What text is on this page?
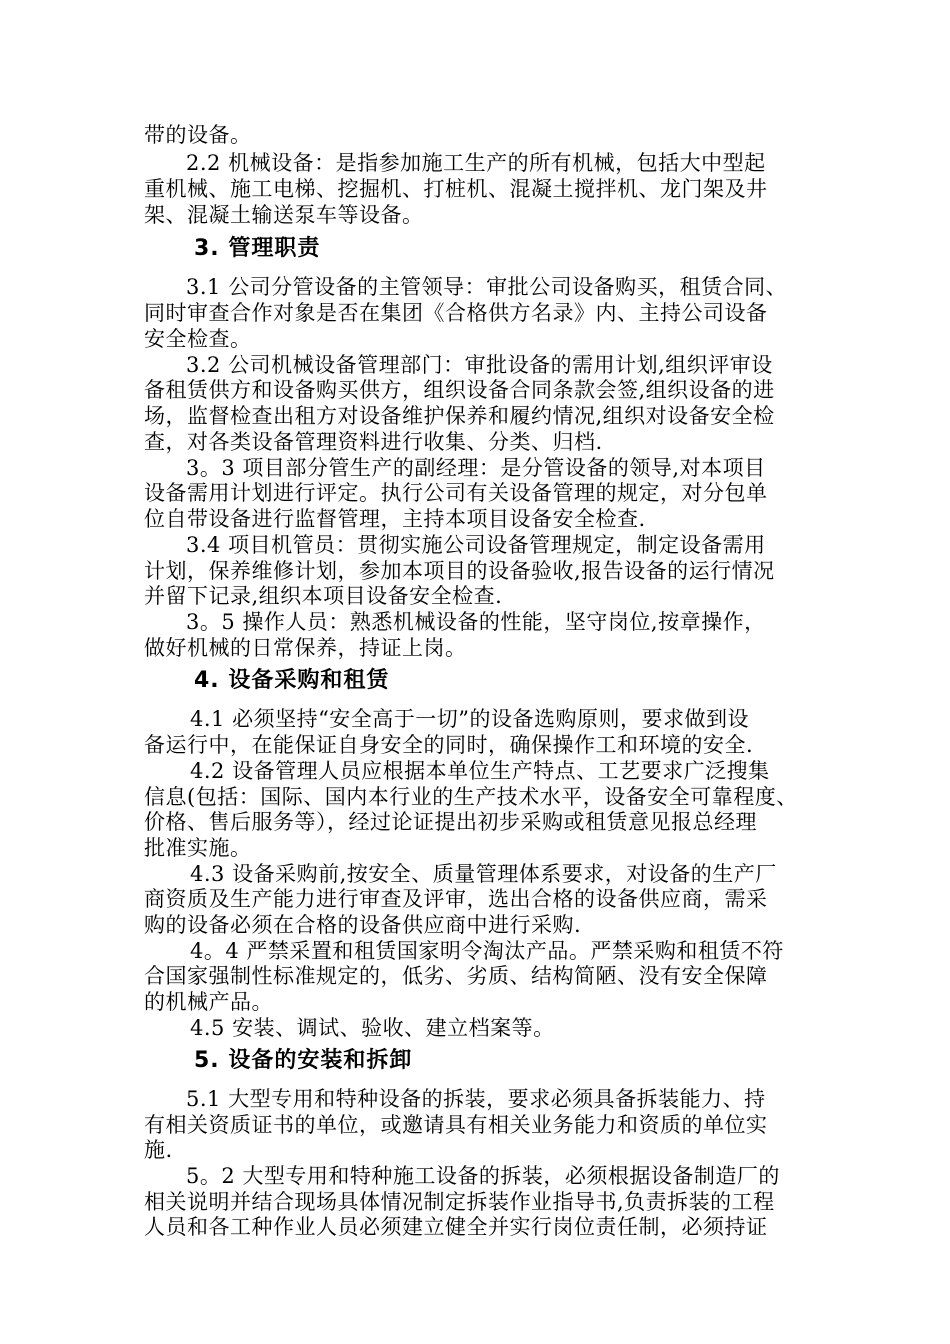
带的设备。
2.2 机械设备：是指参加施工生产的所有机械，包括大中型起
重机械、施工电梯、挖掘机、打桩机、混凝土搅拌机、龙门架及井
架、混凝土输送泵车等设备。
3. 管理职责
3.1 公司分管设备的主管领导：审批公司设备购买，租赁合同、
同时审查合作对象是否在集团《合格供方名录》内、主持公司设备
安全检查。
3.2 公司机械设备管理部门：审批设备的需用计划,组织评审设
备租赁供方和设备购买供方，组织设备合同条款会签,组织设备的进
场，监督检查出租方对设备维护保养和履约情况,组织对设备安全检
查，对各类设备管理资料进行收集、分类、归档.
3。3 项目部分管生产的副经理：是分管设备的领导,对本项目
设备需用计划进行评定。执行公司有关设备管理的规定，对分包单
位自带设备进行监督管理，主持本项目设备安全检查.
3.4 项目机管员：贯彻实施公司设备管理规定，制定设备需用
计划，保养维修计划，参加本项目的设备验收,报告设备的运行情况
并留下记录,组织本项目设备安全检查.
3。5 操作人员：熟悉机械设备的性能，坚守岗位,按章操作，
做好机械的日常保养，持证上岗。
4. 设备采购和租赁
4.1 必须坚持“安全高于一切”的设备选购原则，要求做到设
备运行中，在能保证自身安全的同时，确保操作工和环境的安全.
4.2 设备管理人员应根据本单位生产特点、工艺要求广泛搜集
信息(包括：国际、国内本行业的生产技术水平，设备安全可靠程度、
价格、售后服务等），经过论证提出初步采购或租赁意见报总经理
批准实施。
4.3 设备采购前,按安全、质量管理体系要求，对设备的生产厂
商资质及生产能力进行审查及评审，选出合格的设备供应商，需采
购的设备必须在合格的设备供应商中进行采购.
4。4 严禁采置和租赁国家明令淘汰产品。严禁采购和租赁不符
合国家强制性标准规定的，低劣、劣质、结构简陋、没有安全保障
的机械产品。
4.5 安装、调试、验收、建立档案等。
5. 设备的安装和拆卸
5.1 大型专用和特种设备的拆装，要求必须具备拆装能力、持
有相关资质证书的单位，或邀请具有相关业务能力和资质的单位实
施.
5。2 大型专用和特种施工设备的拆装，必须根据设备制造厂的
相关说明并结合现场具体情况制定拆装作业指导书,负责拆装的工程
人员和各工种作业人员必须建立健全并实行岗位责任制，必须持证
